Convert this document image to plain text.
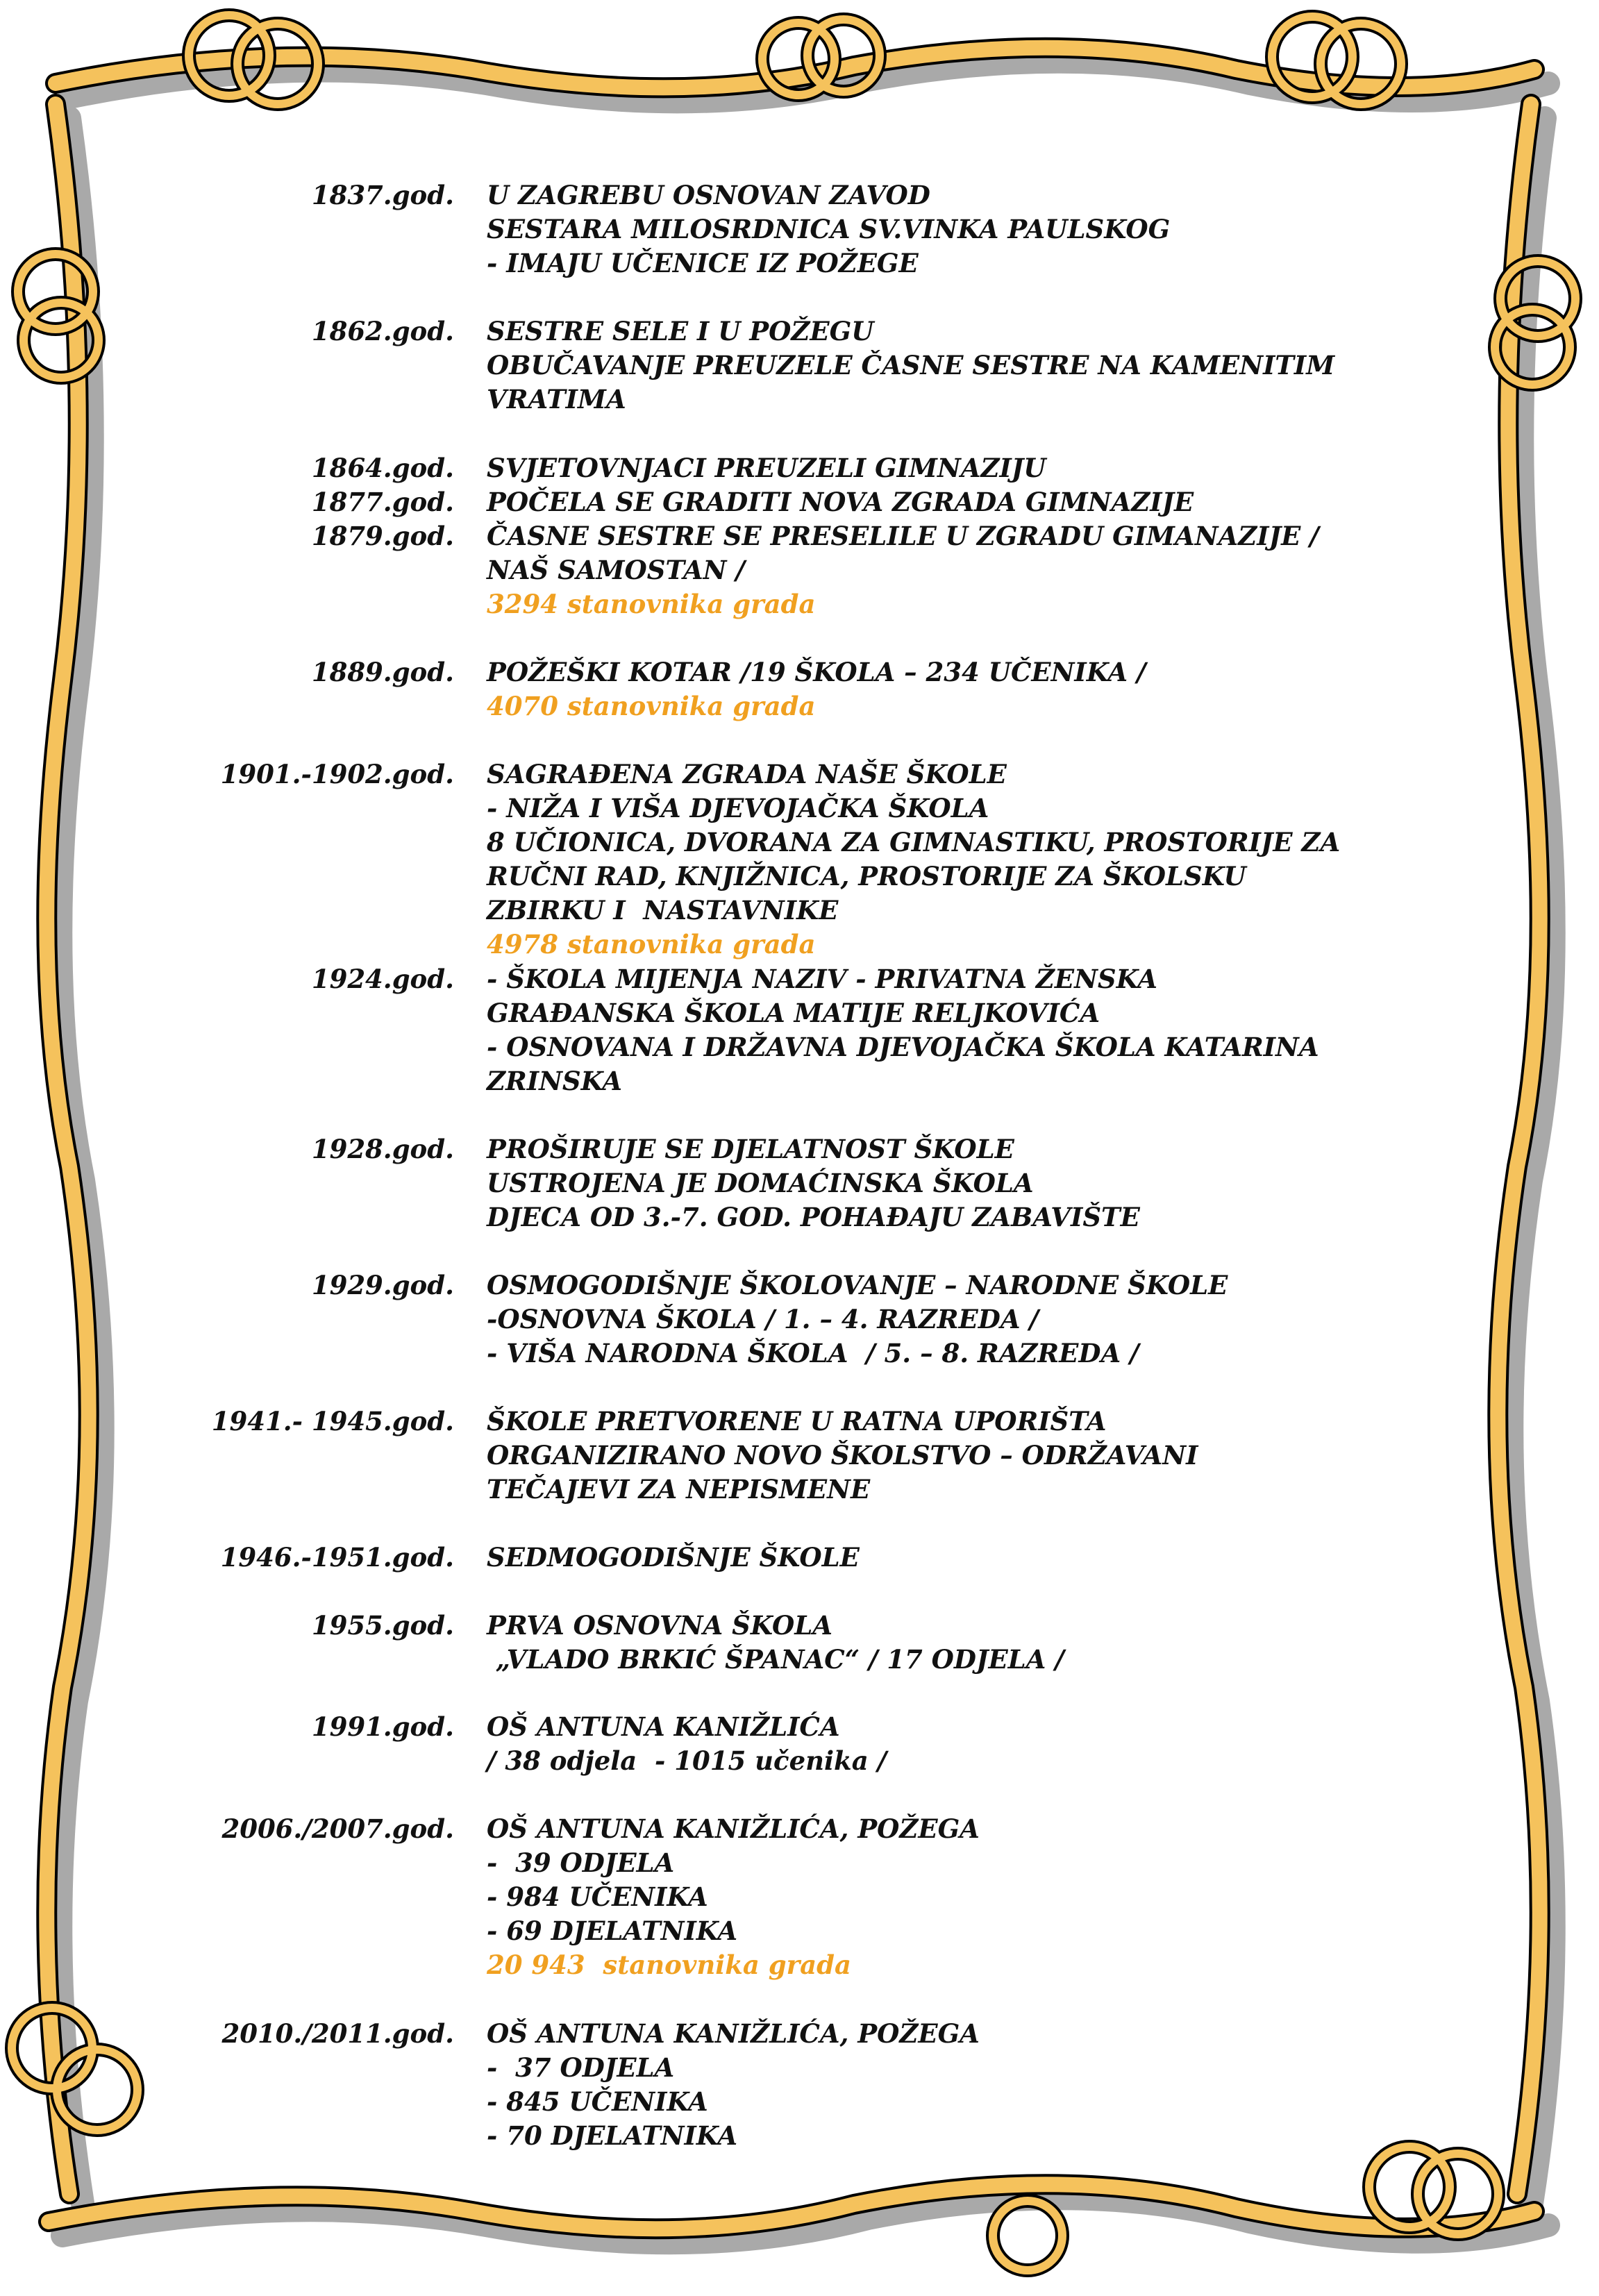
1837.god. U ZAGREBU OSNOVAN ZAVOD
SESTARA MILOSRDNICA SV.VINKA PAULSKOG
- IMAJU UČENICE IZ POŽEGE
1862.god. SESTRE SELE I U POŽEGU
OBUČAVANJE PREUZELE ČASNE SESTRE NA KAMENITIM
VRATIMA
1864.god. SVJETOVNJACI PREUZELI GIMNAZIJU
1877.god. POČELA SE GRADITI NOVA ZGRADA GIMNAZIJE
1879.god. ČASNE SESTRE SE PRESELILE U ZGRADU GIMANAZIJE /
NAŠ SAMOSTAN /
3294 stanovnika grada
1889.god. POŽEŠKI KOTAR /19 ŠKOLA – 234 UČENIKA /
4070 stanovnika grada
1901.-1902.god. SAGRAĐENA ZGRADA NAŠE ŠKOLE
- NIŽA I VIŠA DJEVOJAČKA ŠKOLA
8 UČIONICA, DVORANA ZA GIMNASTIKU, PROSTORIJE ZA
RUČNI RAD, KNJIŽNICA, PROSTORIJE ZA ŠKOLSKU
ZBIRKU I  NASTAVNIKE
4978 stanovnika grada
1924.god. - ŠKOLA MIJENJA NAZIV - PRIVATNA ŽENSKA
GRAĐANSKA ŠKOLA MATIJE RELJKOVIĆA
- OSNOVANA I DRŽAVNA DJEVOJAČKA ŠKOLA KATARINA
ZRINSKA
1928.god. PROŠIRUJE SE DJELATNOST ŠKOLE
USTROJENA JE DOMAĆINSKA ŠKOLA
DJECA OD 3.-7. GOD. POHAĐAJU ZABAVIŠTE
1929.god. OSMOGODIŠNJE ŠKOLOVANJE – NARODNE ŠKOLE
-OSNOVNA ŠKOLA / 1. – 4. RAZREDA /
- VIŠA NARODNA ŠKOLA  / 5. – 8. RAZREDA /
1941.- 1945.god. ŠKOLE PRETVORENE U RATNA UPORIŠTA
ORGANIZIRANO NOVO ŠKOLSTVO – ODRŽAVANI
TEČAJEVI ZA NEPISMENE
1946.-1951.god. SEDMOGODIŠNJE ŠKOLE
1955.god. PRVA OSNOVNA ŠKOLA
„VLADO BRKIĆ ŠPANAC“ / 17 ODJELA /
1991.god. OŠ ANTUNA KANIŽLIĆA
/ 38 odjela  - 1015 učenika /
2006./2007.god. OŠ ANTUNA KANIŽLIĆA, POŽEGA
-  39 ODJELA
- 984 UČENIKA
- 69 DJELATNIKA
20 943  stanovnika grada
2010./2011.god. OŠ ANTUNA KANIŽLIĆA, POŽEGA
-  37 ODJELA
- 845 UČENIKA
- 70 DJELATNIKA
